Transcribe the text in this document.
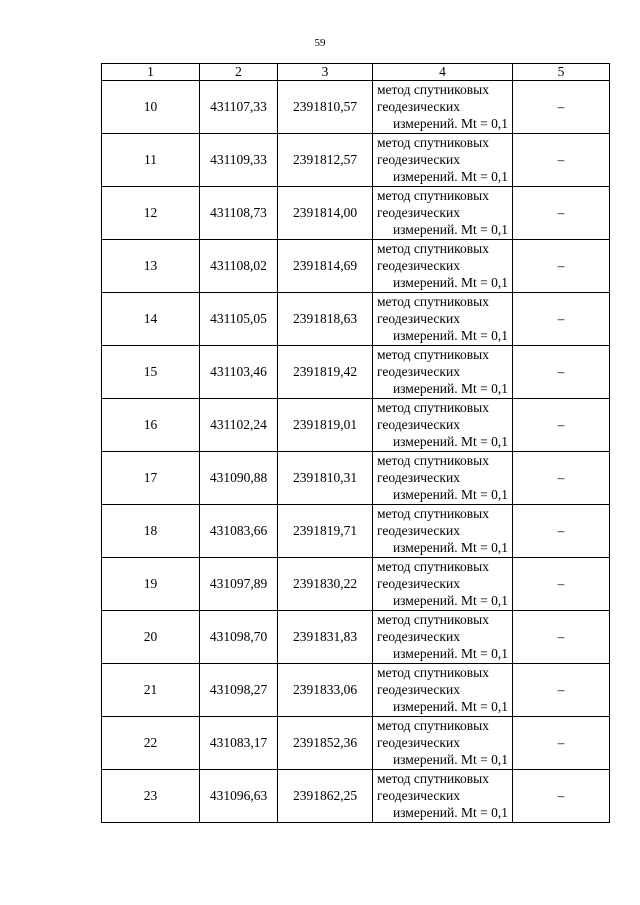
59
1	2	3	4	5
10	431107,33	2391810,57	метод спутниковых
геодезических
измерений. Mt = 0,1	–
11	431109,33	2391812,57	метод спутниковых
геодезических
измерений. Mt = 0,1	–
12	431108,73	2391814,00	метод спутниковых
геодезических
измерений. Mt = 0,1	–
13	431108,02	2391814,69	метод спутниковых
геодезических
измерений. Mt = 0,1	–
14	431105,05	2391818,63	метод спутниковых
геодезических
измерений. Mt = 0,1	–
15	431103,46	2391819,42	метод спутниковых
геодезических
измерений. Mt = 0,1	–
16	431102,24	2391819,01	метод спутниковых
геодезических
измерений. Mt = 0,1	–
17	431090,88	2391810,31	метод спутниковых
геодезических
измерений. Mt = 0,1	–
18	431083,66	2391819,71	метод спутниковых
геодезических
измерений. Mt = 0,1	–
19	431097,89	2391830,22	метод спутниковых
геодезических
измерений. Mt = 0,1	–
20	431098,70	2391831,83	метод спутниковых
геодезических
измерений. Mt = 0,1	–
21	431098,27	2391833,06	метод спутниковых
геодезических
измерений. Mt = 0,1	–
22	431083,17	2391852,36	метод спутниковых
геодезических
измерений. Mt = 0,1	–
23	431096,63	2391862,25	метод спутниковых
геодезических
измерений. Mt = 0,1	–
